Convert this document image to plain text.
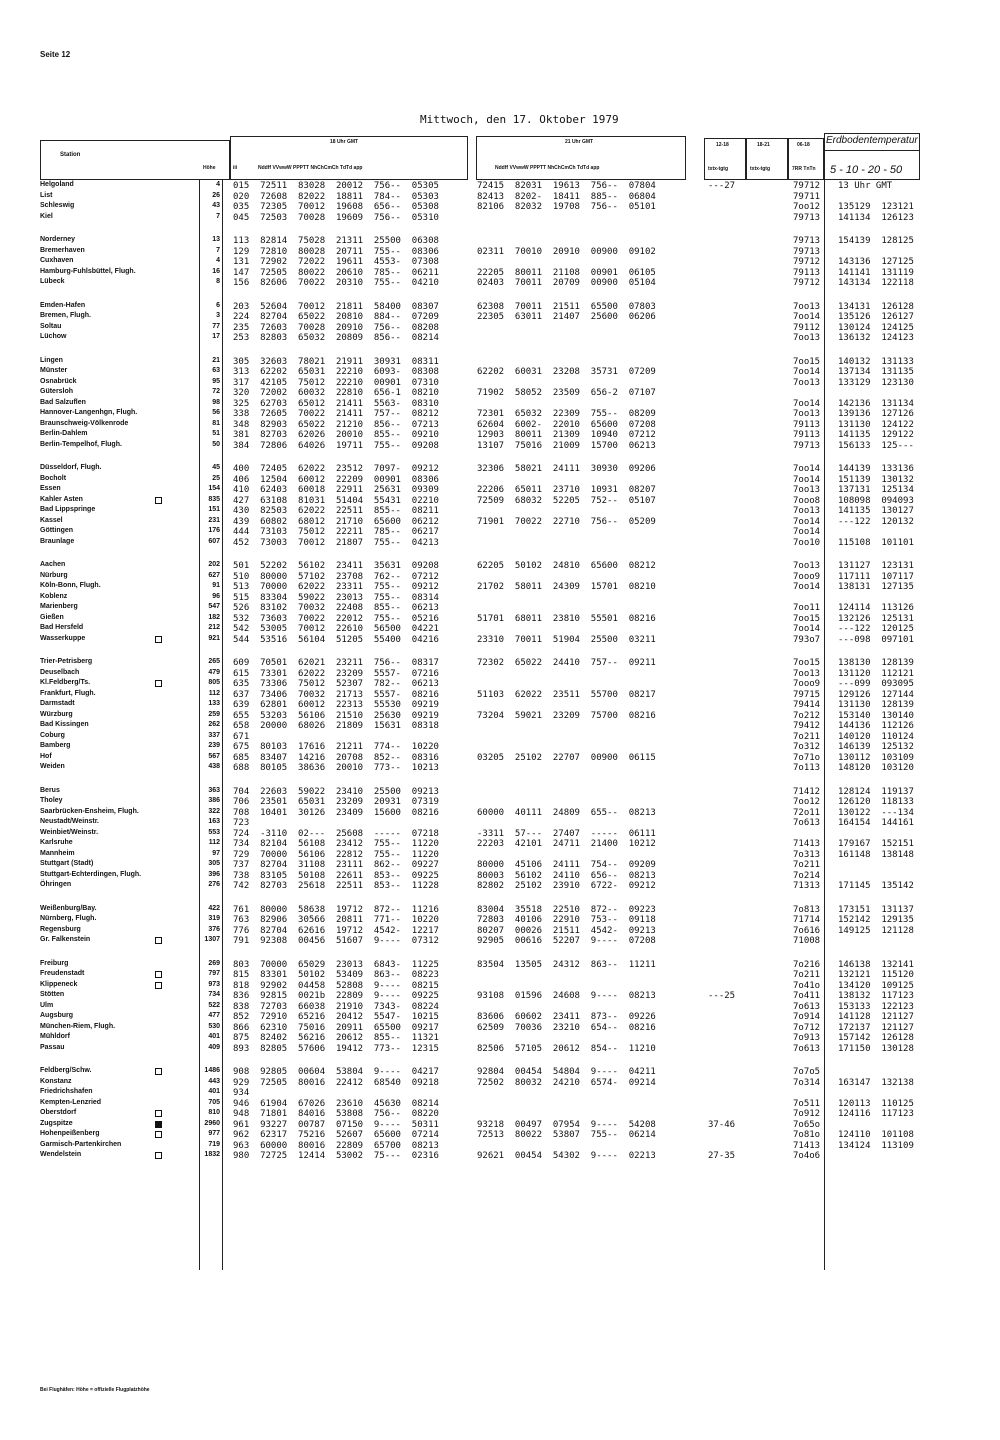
Seite 12
Mittwoch, den 17. Oktober 1979
Station
Höhe	iii
18 Uhr GMT
Nddff VVwwW PPPTT NhChCmCh TdTd app
21 Uhr GMT
Nddff VVwwW PPPTT NhChCmCh TdTd app
12-18
txtx-tgtg
18-21
txtx-tgtg
06-18
7RR TnTn
Erdbodentemperatur
5 - 10 - 20 - 50
Helgoland	4 015  72511  83028  20012  756--  05305	72415  82031  19613  756--  07804	---27	79712 13 Uhr GMT
List	26 020  72608  82022  18811  784--  05303	82413  8202-  18411  885--  06804	79711
Schleswig	43 035  72305  70012  19608  656--  05308	82106  82032  19708  756--  05101	7oo12 135129  123121
Kiel	7 045  72503  70028  19609  756--  05310	79713 141134  126123
Norderney	13 113  82814  75028  21311  25500  06308	79713 154139  128125
Bremerhaven	7 129  72810  80028  20711  755--  08306	02311  70010  20910  00900  09102	79713
Cuxhaven	4 131  72902  72022  19611  4553-  07308	79712 143136  127125
Hamburg-Fuhlsbüttel, Flugh.	16 147  72505  80022  20610  785--  06211	22205  80011  21108  00901  06105	79113 141141  131119
Lübeck	8 156  82606  70022  20310  755--  04210	02403  70011  20709  00900  05104	79712 143134  122118
Emden-Hafen	6 203  52604  70012  21811  58400  08307	62308  70011  21511  65500  07803	7oo13 134131  126128
Bremen, Flugh.	3 224  82704  65022  20810  884--  07209	22305  63011  21407  25600  06206	7oo14 135126  126127
Soltau	77 235  72603  70028  20910  756--  08208	79112 130124  124125
Lüchow	17 253  82803  65032  20809  856--  08214	7oo13 136132  124123
Lingen	21 305  32603  78021  21911  30931  08311	7oo15 140132  131133
Münster	63 313  62202  65031  22210  6093-  08308	62202  60031  23208  35731  07209	7oo14 137134  131135
Osnabrück	95 317  42105  75012  22210  00901  07310	7oo13 133129  123130
Gütersloh	72 320  72002  60032  22810  656-1  08210	71902  58052  23509  656-2  07107
Bad Salzuflen	98 325  62703  65012  21411  5563-  08310	7oo14 142136  131134
Hannover-Langenhgn, Flugh.	56 338  72605  70022  21411  757--  08212	72301  65032  22309  755--  08209	7oo13 139136  127126
Braunschweig-Völkenrode	81 348  82903  65022  21210  856--  07213	62604  6002-  22010  65600  07208	79113 131130  124122
Berlin-Dahlem	51 381  82703  62026  20010  855--  09210	12903  80011  21309  10940  07212	79113 141135  129122
Berlin-Tempelhof, Flugh.	50 384  72806  64026  19711  755--  09208	13107  75016  21009  15700  06213	79713 156133  125---
Düsseldorf, Flugh.	45 400  72405  62022  23512  7097-  09212	32306  58021  24111  30930  09206	7oo14 144139  133136
Bocholt	25 406  12504  60012  22209  00901  08306	7oo14 151139  130132
Essen	154 410  62403  60018  22911  25631  09309	22206  65011  23710  10931  08207	7oo13 137131  125134
Kahler Asten	835 427  63108  81031  51404  55431  02210	72509  68032  52205  752--  05107	7ooo8 108098  094093
Bad Lippspringe	151 430  82503  62022  22511  855--  08211	7oo13 141135  130127
Kassel	231 439  60802  68012  21710  65600  06212	71901  70022  22710  756--  05209	7oo14 ---122  120132
Göttingen	176 444  73103  75012  22211  785--  06217	7oo14
Braunlage	607 452  73003  70012  21807  755--  04213	7oo10 115108  101101
Aachen	202 501  52202  56102  23411  35631  09208	62205  50102  24810  65600  08212	7oo13 131127  123131
Nürburg	627 510  80000  57102  23708  762--  07212	7ooo9 117111  107117
Köln-Bonn, Flugh.	91 513  70000  62022  23311  755--  09212	21702  58011  24309  15701  08210	7oo14 138131  127135
Koblenz	96 515  83304  59022  23013  755--  08314
Marienberg	547 526  83102  70032  22408  855--  06213	7oo11 124114  113126
Gießen	182 532  73603  70022  22012  755--  05216	51701  68011  23810  55501  08216	7oo15 132126  125131
Bad Hersfeld	212 542  53005  70012  22610  56500  04221	7oo14 ---122  120125
Wasserkuppe	921 544  53516  56104  51205  55400  04216	23310  70011  51904  25500  03211	793o7 ---098  097101
Trier-Petrisberg	265 609  70501  62021  23211  756--  08317	72302  65022  24410  757--  09211	7oo15 138130  128139
Deuselbach	479 615  73301  62022  23209  5557-  07216	7oo13 131120  112121
Kl.Feldberg/Ts.	805 635  73306  75012  52307  782--  06213	7ooo9 ---099  093095
Frankfurt, Flugh.	112 637  73406  70032  21713  5557-  08216	51103  62022  23511  55700  08217	79715 129126  127144
Darmstadt	133 639  62801  60012  22313  55530  09219	79414 131130  128139
Würzburg	259 655  53203  56106  21510  25630  09219	73204  59021  23209  75700  08216	7o212 153140  130140
Bad Kissingen	262 658  20000  68026  21809  15631  08318	79412 144136  112126
Coburg	337 671	7o211 140120  110124
Bamberg	239 675  80103  17616  21211  774--  10220	7o312 146139  125132
Hof	567 685  83407  14216  20708  852--  08316	03205  25102  22707  00900  06115	7o71o 130112  103109
Weiden	438 688  80105  38636  20010  773--  10213	7o113 148120  103120
Berus	363 704  22603  59022  23410  25500  09213	71412 128124  119137
Tholey	386 706  23501  65031  23209  20931  07319	7oo12 126120  118133
Saarbrücken-Ensheim, Flugh.	322 708  10401  30126  23409  15600  08216	60000  40111  24809  655--  08213	72o11 130122  ---134
Neustadt/Weinstr.	163 723	7o613 164154  144161
Weinbiet/Weinstr.	553 724  -3110  02---  25608  -----  07218	-3311  57---  27407  -----  06111
Karlsruhe	112 734  82104  56108  23412  755--  11220	22203  42101  24711  21400  10212	71413 179167  152151
Mannheim	97 729  70000  56106  22812  755--  11220	7o313 161148  138148
Stuttgart (Stadt)	305 737  82704  31108  23111  862--  09227	80000  45106  24111  754--  09209	7o211
Stuttgart-Echterdingen, Flugh.	396 738  83105  50108  22611  853--  09225	80003  56102  24110  656--  08213	7o214
Öhringen	276 742  82703  25618  22511  853--  11228	82802  25102  23910  6722-  09212	71313 171145  135142
Weißenburg/Bay.	422 761  80000  58638  19712  872--  11216	83004  35518  22510  872--  09223	7o813 173151  131137
Nürnberg, Flugh.	319 763  82906  30566  20811  771--  10220	72803  40106  22910  753--  09118	71714 152142  129135
Regensburg	376 776  82704  62616  19712  4542-  12217	80207  00026  21511  4542-  09213	7o616 149125  121128
Gr. Falkenstein	1307 791  92308  00456  51607  9----  07312	92905  00616  52207  9----  07208	71008
Freiburg	269 803  70000  65029  23013  6843-  11225	83504  13505  24312  863--  11211	7o216 146138  132141
Freudenstadt	797 815  83301  50102  53409  863--  08223	7o211 132121  115120
Klippeneck	973 818  92902  04458  52808  9----  08215	7o41o 134120  109125
Stötten	734 836  92815  0021b  22809  9----  09225	93108  01596  24608  9----  08213	---25	7o411 138132  117123
Ulm	522 838  72703  66038  21910  7343-  08224	7o613 153133  122123
Augsburg	477 852  72910  65216  20412  5547-  10215	83606  60602  23411  873--  09226	7o914 141128  121127
München-Riem, Flugh.	530 866  62310  75016  20911  65500  09217	62509  70036  23210  654--  08216	7o712 172137  121127
Mühldorf	401 875  82402  56216  20612  855--  11321	7o913 157142  126128
Passau	409 893  82805  57606  19412  773--  12315	82506  57105  20612  854--  11210	7o613 171150  130128
Feldberg/Schw.	1486 908  92805  00604  53804  9----  04217	92804  00454  54804  9----  04211	7o7o5
Konstanz	443 929  72505  80016  22412  68540  09218	72502  80032  24210  6574-  09214	7o314 163147  132138
Friedrichshafen	401 934
Kempten-Lenzried	705 946  61904  67026  23610  45630  08214	7o511 120113  110125
Oberstdorf	810 948  71801  84016  53808  756--  08220	7o912 124116  117123
Zugspitze	2960 961  93227  00787  07150  9----  50311	93218  00497  07954  9----  54208	37-46	7o65o
Hohenpeißenberg	977 962  62317  75216  52607  65600  07214	72513  80022  53807  755--  06214	7o81o 124110  101108
Garmisch-Partenkirchen	719 963  60000  80016  22809  65700  08213	71413 134124  113109
Wendelstein	1832 980  72725  12414  53002  75---  02316	92621  00454  54302  9----  02213	27-35	7o4o6
Bei Flughäfen: Höhe = offizielle Flugplatzhöhe
